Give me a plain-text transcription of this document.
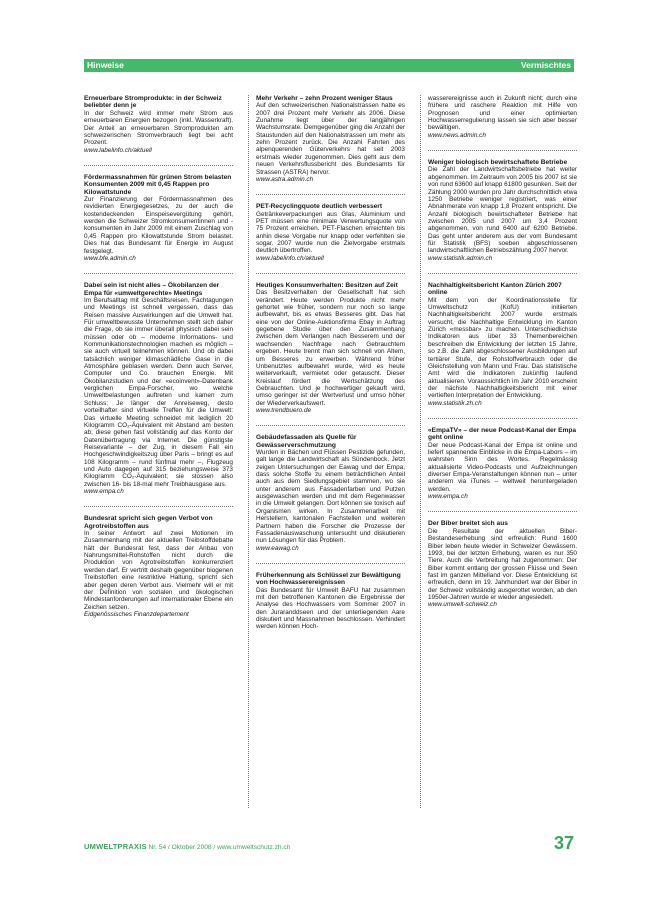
Hinweise	Vermischtes
Erneuerbare Stromprodukte: in der Schweiz beliebter denn je

In der Schweiz wird immer mehr Strom aus erneuerbaren Energien bezogen (inkl. Wasserkraft). Der Anteil an erneuerbaren Stromprodukten am schweizerischen Stromverbrauch liegt bei acht Prozent.

www.labelinfo.ch/aktuell
Fördermassnahmen für grünen Strom belasten Konsumenten 2009 mit 0,45 Rappen pro Kilowattstunde

Zur Finanzierung der Fördermassnahmen des revidierten Energiegesetzes, zu der auch die kostendeckenden Einspeisevergütung gehört, werden die Schweizer Stromkonsumentinnen und -konsumenten im Jahr 2009 mit einem Zuschlag von 0,45 Rappen pro Kilowattstunde Strom belastet. Dies hat das Bundesamt für Energie im August festgelegt.

www.bfe.admin.ch
Dabei sein ist nicht alles – Ökobilanzen der Empa für «umweltgerechte» Meetings

Im Berufsalltag mit Geschäftsreisen, Fachtagungen und Meetings ist schnell vergessen, dass das Reisen massive Auswirkungen auf die Umwelt hat. Für umweltbewusste Unternehmen stellt sich daher die Frage, ob sie immer überall physisch dabei sein müssen oder ob – moderne Informations- und Kommunikationstechnologien machen es möglich – sie auch virtuell teilnehmen können. Und ob dabei tatsächlich weniger klimaschädliche Gase in die Atmosphäre geblasen werden. Denn auch Server, Computer und Co. brauchen Energie. Mit Ökobilanzstudien und der «ecoinvent»-Datenbank verglichen Empa-Forscher, wo welche Umweltbelastungen auftreten und kamen zum Schluss: Je länger der Anreiseweg, desto vorteilhafter sind virtuelle Treffen für die Umwelt: Das virtuelle Meeting schneidet mit lediglich 20 Kilogramm CO₂-Äquivalent mit Abstand am besten ab; diese gehen fast vollständig auf das Konto der Datenübertragung via Internet. Die günstigste Reisevariante – der Zug, in diesem Fall ein Hochgeschwindigkeitszug über Paris – bringt es auf 108 Kilogramm – rund fünfmal mehr –, Flugzeug und Auto dagegen auf 315 beziehungsweise 373 Kilogramm CO₂-Äquivalent; sie stossen also zwischen 16- bis 18-mal mehr Treibhausgase aus.

www.empa.ch
Bundesrat spricht sich gegen Verbot von Agrotreibstoffen aus

In seiner Antwort auf zwei Motionen im Zusammenhang mit der aktuellen Treibstoffdebatte hält der Bundesrat fest, dass der Anbau von Nahrungsmittel-Rohstoffen nicht durch die Produktion von Agrotreibstoffen konkurrenziert werden darf. Er vertritt deshalb gegenüber biogenen Treibstoffen eine restriktive Haltung, spricht sich aber gegen deren Verbot aus. Vielmehr will er mit der Definition von sozialen und ökologischen Mindestanforderungen auf internationaler Ebene ein Zeichen setzen.

Eidgenössisches Finanzdepartement
Mehr Verkehr – zehn Prozent weniger Staus

Auf den schweizerischen Nationalstrassen hatte es 2007 drei Prozent mehr Verkehr als 2006. Diese Zunahme liegt über der langjährigen Wachstumsrate. Demgegenüber ging die Anzahl der Staustunden auf den Nationalstrassen um mehr als zehn Prozent zurück. Die Anzahl Fahrten des alpenquerenden Güterverkehrs hat seit 2003 erstmals wieder zugenommen. Dies geht aus dem neuen Verkehrsflussbericht des Bundesamts für Strassen (ASTRA) hervor.

www.astra.admin.ch
PET-Recyclingquote deutlich verbessert

Getränkeverpackungen aus Glas, Aluminium und PET müssen eine minimale Verwertungsquote von 75 Prozent erreichen. PET-Flaschen erreichten bis anhin diese Vorgabe nur knapp oder verfehlten sie sogar. 2007 wurde nun die Zielvorgabe erstmals deutlich übertroffen.

www.labelinfo.ch/aktuell
Heutiges Konsumverhalten: Besitzen auf Zeit

Das Besitzverhalten der Gesellschaft hat sich verändert. Heute werden Produkte nicht mehr gehortet wie früher, sondern nur noch so lange aufbewahrt, bis es etwas Besseres gibt. Das hat eine von der Online-Auktionsfirma Ebay in Auftrag gegebene Studie über den Zusammenhang zwischen dem Verlangen nach Besserem und der wachsenden Nachfrage nach Gebrauchtem ergeben. Heute trennt man sich schnell von Altem, um Besseres zu erwerben. Während früher Unbenutztes aufbewahrt wurde, wird es heute weiterverkauft, vermietet oder getauscht. Dieser Kreislauf fördert die Wertschätzung des Gebrauchten. Und je hochwertiger gekauft wird, umso geringer ist der Wertverlust und umso höher der Wiederverkaufswert.

www.trendbuero.de
Gebäudefassaden als Quelle für Gewässerverschmutzung

Wurden in Bächen und Flüssen Pestizide gefunden, galt lange die Landwirtschaft als Sündenbock. Jetzt zeigen Untersuchungen der Eawag und der Empa, dass solche Stoffe zu einem beträchtlichen Anteil auch aus dem Siedlungsgebiet stammen, wo sie unter anderem aus Fassadenfarben und Putzen ausgewaschen werden und mit dem Regenwasser in die Umwelt gelangen. Dort können sie toxisch auf Organismen wirken. In Zusammenarbeit mit Herstellern, kantonalen Fachstellen und weiteren Partnern haben die Forscher die Prozesse der Fassadenauswaschung untersucht und diskutieren nun Lösungen für das Problem.

www.eawag.ch
Früherkennung als Schlüssel zur Bewältigung von Hochwasserereignissen

Das Bundesamt für Umwelt BAFU hat zusammen mit den betroffenen Kantonen die Ergebnisse der Analyse des Hochwassers vom Sommer 2007 in den Juraranddseen und der unterliegenden Aare diskutiert und Massnahmen beschlossen. Verhindert werden können Hoch-

wasserereignisse auch in Zukunft nicht; durch eine frühere und raschere Reaktion mit Hilfe von Prognosen und einer optimierten Hochwasserregulierung lassen sie sich aber besser bewältigen.

www.news.admin.ch
Weniger biologisch bewirtschaftete Betriebe

Die Zahl der Landwirtschaftsbetriebe hat weiter abgenommen. Im Zeitraum von 2005 bis 2007 ist sie von rund 63600 auf knapp 61800 gesunken. Seit der Zählung 2000 wurden pro Jahr durchschnittlich etwa 1250 Betriebe weniger registriert, was einer Abnahmerate von knapp 1,8 Prozent entspricht. Die Anzahl biologisch bewirtschafteter Betriebe hat zwischen 2005 und 2007 um 3,4 Prozent abgenommen, von rund 6400 auf 6200 Betriebe. Das geht unter anderem aus der vom Bundesamt für Statistik (BFS) soeben abgeschlossenen landwirtschaftlichen Betriebszählung 2007 hervor.

www.statistik.admin.ch
Nachhaltigkeitsbericht Kanton Zürich 2007 online

Mit dem von der Koordinationsstelle für Umweltschutz (KofU) initiierten Nachhaltigkeitsbericht 2007 wurde erstmals versucht, die Nachhaltige Entwicklung im Kanton Zürich «messbar» zu machen. Unterschiedlichste Indikatoren aus über 33 Themenbereichen beschreiben die Entwicklung der letzten 15 Jahre, so z.B. die Zahl abgeschlossener Ausbildungen auf tertiärer Stufe, der Rohstoffverbrauch oder die Gleichstellung von Mann und Frau. Das statistische Amt wird die Indikatoren zukünftig laufend aktualisieren. Voraussichtlich im Jahr 2010 erscheint der nächste Nachhaltigkeitsbericht mit einer vertieften Interpretation der Entwicklung.

www.statistik.zh.ch
«EmpaTV» – der neue Podcast-Kanal der Empa geht online

Der neue Podcast-Kanal der Empa ist online und liefert spannende Einblicke in die Empa-Labors – im wahrsten Sinn des Wortes. Regelmässig aktualisierte Video-Podcasts und Aufzeichnungen diverser Empa-Veranstaltungen können nun – unter anderem via iTunes – weltweit heruntergeladen werden.

www.empa.ch
Der Biber breitet sich aus

Die Resultate der aktuellen Biber-Bestandeserhebung sind erfreulich: Rund 1600 Biber leben heute wieder in Schweizer Gewässern. 1993, bei der letzten Erhebung, waren es nur 350 Tiere. Auch die Verbreitung hat zugenommen: Der Biber kommt entlang der grossen Flüsse und Seen fast im ganzen Mittelland vor. Diese Entwicklung ist erfreulich, denn im 19. Jahrhundert war der Biber in der Schweiz vollständig ausgerottet worden, ab den 1950er-Jahren wurde er wieder angesiedelt.

www.umwelt-schweiz.ch
UMWELTPRAXIS Nr. 54 / Oktober 2008 / www.umweltschutz.zh.ch	37
